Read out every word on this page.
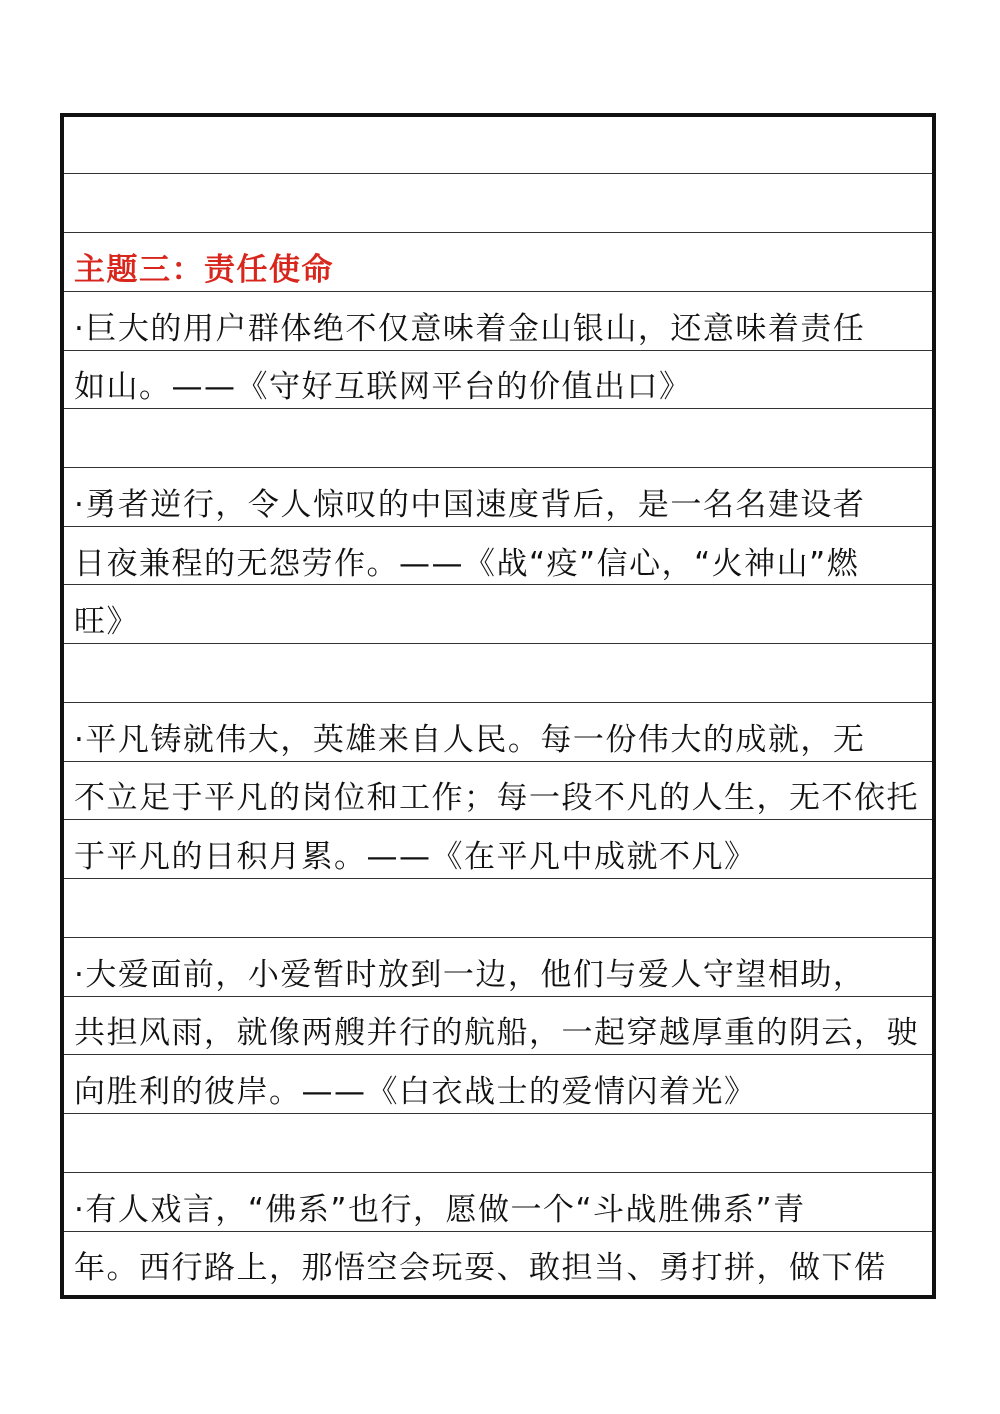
主题三：责任使命
·巨大的用户群体绝不仅意味着金山银山，还意味着责任
如山。——《守好互联网平台的价值出口》
·勇者逆行，令人惊叹的中国速度背后，是一名名建设者
日夜兼程的无怨劳作。——《战“疫”信心，“火神山”燃
旺》
·平凡铸就伟大，英雄来自人民。每一份伟大的成就，无
不立足于平凡的岗位和工作；每一段不凡的人生，无不依托
于平凡的日积月累。——《在平凡中成就不凡》
·大爱面前，小爱暂时放到一边，他们与爱人守望相助，
共担风雨，就像两艘并行的航船，一起穿越厚重的阴云，驶
向胜利的彼岸。——《白衣战士的爱情闪着光》
·有人戏言，“佛系”也行，愿做一个“斗战胜佛系”青
年。西行路上，那悟空会玩耍、敢担当、勇打拼，做下偌
